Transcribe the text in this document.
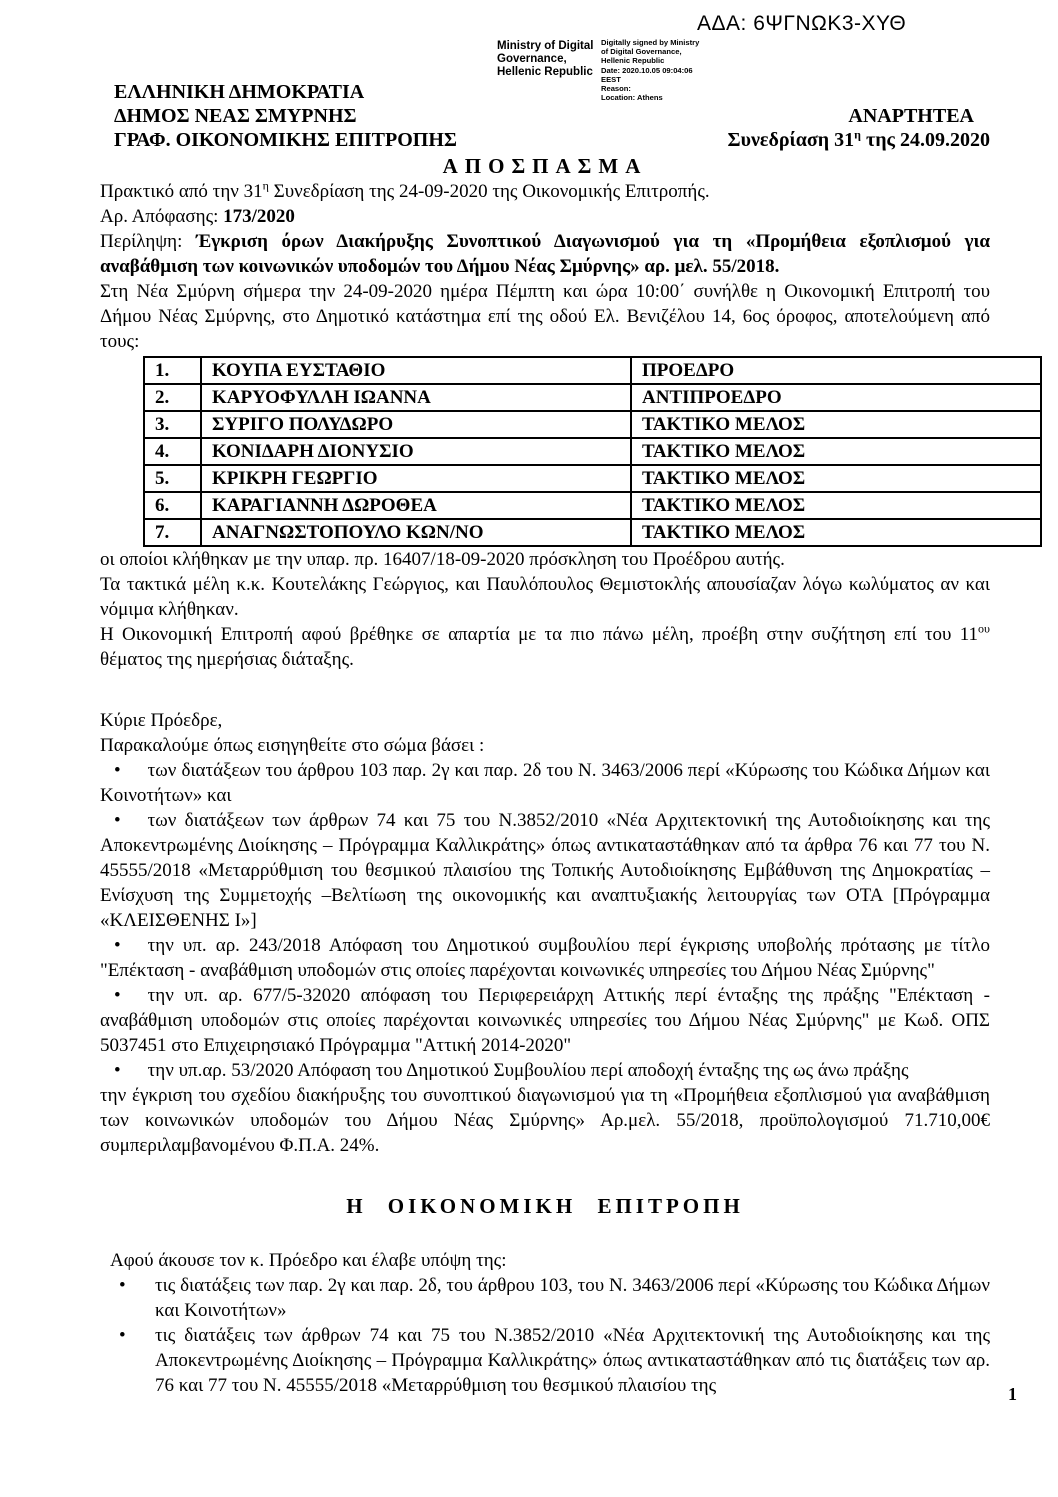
ΑΔΑ: 6ΨΓΝΩΚ3-ΧΥΘ
Ministry of Digital
Governance,
Hellenic Republic
Digitally signed by Ministry
of Digital Governance,
Hellenic Republic
Date: 2020.10.05 09:04:06
EEST
Reason:
Location: Athens
ΕΛΛΗΝΙΚΗ ΔΗΜΟΚΡΑΤΙΑ
ΔΗΜΟΣ ΝΕΑΣ ΣΜΥΡΝΗΣ
ΓΡΑΦ. ΟΙΚΟΝΟΜΙΚΗΣ ΕΠΙΤΡΟΠΗΣ
ΑΝΑΡΤΗΤΕΑ
Συνεδρίαση $31^\eta$ της 24.09.2020
ΑΠΟΣΠΑΣΜΑ
Πρακτικό από την $31^\eta$ Συνεδρίαση της 24-09-2020 της Οικονομικής Επιτροπής.
Αρ. Απόφασης: 173/2020
Περίληψη: Έγκριση όρων Διακήρυξης Συνοπτικού Διαγωνισμού για τη «Προμήθεια εξοπλισμού για αναβάθμιση των κοινωνικών υποδομών του Δήμου Νέας Σμύρνης» αρ. μελ. 55/2018.
Στη Νέα Σμύρνη σήμερα την 24-09-2020 ημέρα Πέμπτη και ώρα 10:00΄ συνήλθε η Οικονομική Επιτροπή του Δήμου Νέας Σμύρνης, στο Δημοτικό κατάστημα επί της οδού Ελ. Βενιζέλου 14, 6ος όροφος, αποτελούμενη από τους:
1.	ΚΟΥΠΑ ΕΥΣΤΑΘΙΟ	ΠΡΟΕΔΡΟ
2.	ΚΑΡΥΟΦΥΛΛΗ ΙΩΑΝΝΑ	ΑΝΤΙΠΡΟΕΔΡΟ
3.	ΣΥΡΙΓΟ ΠΟΛΥΔΩΡΟ	ΤΑΚΤΙΚΟ ΜΕΛΟΣ
4.	ΚΟΝΙΔΑΡΗ ΔΙΟΝΥΣΙΟ	ΤΑΚΤΙΚΟ ΜΕΛΟΣ
5.	ΚΡΙΚΡΗ ΓΕΩΡΓΙΟ	ΤΑΚΤΙΚΟ ΜΕΛΟΣ
6.	ΚΑΡΑΓΙΑΝΝΗ ΔΩΡΟΘΕΑ	ΤΑΚΤΙΚΟ ΜΕΛΟΣ
7.	ΑΝΑΓΝΩΣΤΟΠΟΥΛΟ ΚΩΝ/ΝΟ	ΤΑΚΤΙΚΟ ΜΕΛΟΣ
οι οποίοι κλήθηκαν με την υπαρ. πρ. 16407/18-09-2020 πρόσκληση του Προέδρου αυτής.
Τα τακτικά μέλη κ.κ. Κουτελάκης Γεώργιος, και Παυλόπουλος Θεμιστοκλής απουσίαζαν λόγω κωλύματος αν και νόμιμα κλήθηκαν.
Η Οικονομική Επιτροπή αφού βρέθηκε σε απαρτία με τα πιο πάνω μέλη, προέβη στην συζήτηση επί του $11^{o\upsilon}$ θέματος της ημερήσιας διάταξης.
Κύριε Πρόεδρε,
Παρακαλούμε όπως εισηγηθείτε στο σώμα βάσει :
• των διατάξεων του άρθρου 103 παρ. 2γ και παρ. 2δ του Ν. 3463/2006 περί «Κύρωσης του Κώδικα Δήμων και Κοινοτήτων» και
• των διατάξεων των άρθρων 74 και 75 του Ν.3852/2010 «Νέα Αρχιτεκτονική της Αυτοδιοίκησης και της Αποκεντρωμένης Διοίκησης – Πρόγραμμα Καλλικράτης» όπως αντικαταστάθηκαν από τα άρθρα 76 και 77 του Ν. 45555/2018 «Μεταρρύθμιση του θεσμικού πλαισίου της Τοπικής Αυτοδιοίκησης Εμβάθυνση της Δημοκρατίας – Ενίσχυση της Συμμετοχής –Βελτίωση της οικονομικής και αναπτυξιακής λειτουργίας των ΟΤΑ [Πρόγραμμα «ΚΛΕΙΣΘΕΝΗΣ Ι»]
• την υπ. αρ. 243/2018 Απόφαση του Δημοτικού συμβουλίου περί έγκρισης υποβολής πρότασης με τίτλο "Επέκταση - αναβάθμιση υποδομών στις οποίες παρέχονται κοινωνικές υπηρεσίες του Δήμου Νέας Σμύρνης"
• την υπ. αρ. 677/5-32020 απόφαση του Περιφερειάρχη Αττικής περί ένταξης της πράξης "Επέκταση - αναβάθμιση υποδομών στις οποίες παρέχονται κοινωνικές υπηρεσίες του Δήμου Νέας Σμύρνης" με Κωδ. ΟΠΣ 5037451 στο Επιχειρησιακό Πρόγραμμα "Αττική 2014-2020"
• την υπ.αρ. 53/2020 Απόφαση του Δημοτικού Συμβουλίου περί αποδοχή ένταξης της ως άνω πράξης
την έγκριση του σχεδίου διακήρυξης του συνοπτικού διαγωνισμού για τη «Προμήθεια εξοπλισμού για αναβάθμιση των κοινωνικών υποδομών του Δήμου Νέας Σμύρνης» Αρ.μελ. 55/2018, προϋπολογισμού 71.710,00€ συμπεριλαμβανομένου Φ.Π.Α. 24%.
Η ΟΙΚΟΝΟΜΙΚΗ ΕΠΙΤΡΟΠΗ
Αφού άκουσε τον κ. Πρόεδρο και έλαβε υπόψη της:
•	τις διατάξεις των παρ. 2γ και παρ. 2δ, του άρθρου 103, του Ν. 3463/2006 περί «Κύρωσης του Κώδικα Δήμων και Κοινοτήτων»
•	τις διατάξεις των άρθρων 74 και 75 του Ν.3852/2010 «Νέα Αρχιτεκτονική της Αυτοδιοίκησης και της Αποκεντρωμένης Διοίκησης – Πρόγραμμα Καλλικράτης» όπως αντικαταστάθηκαν από τις διατάξεις των αρ. 76 και 77 του Ν. 45555/2018 «Μεταρρύθμιση του θεσμικού πλαισίου της	1
